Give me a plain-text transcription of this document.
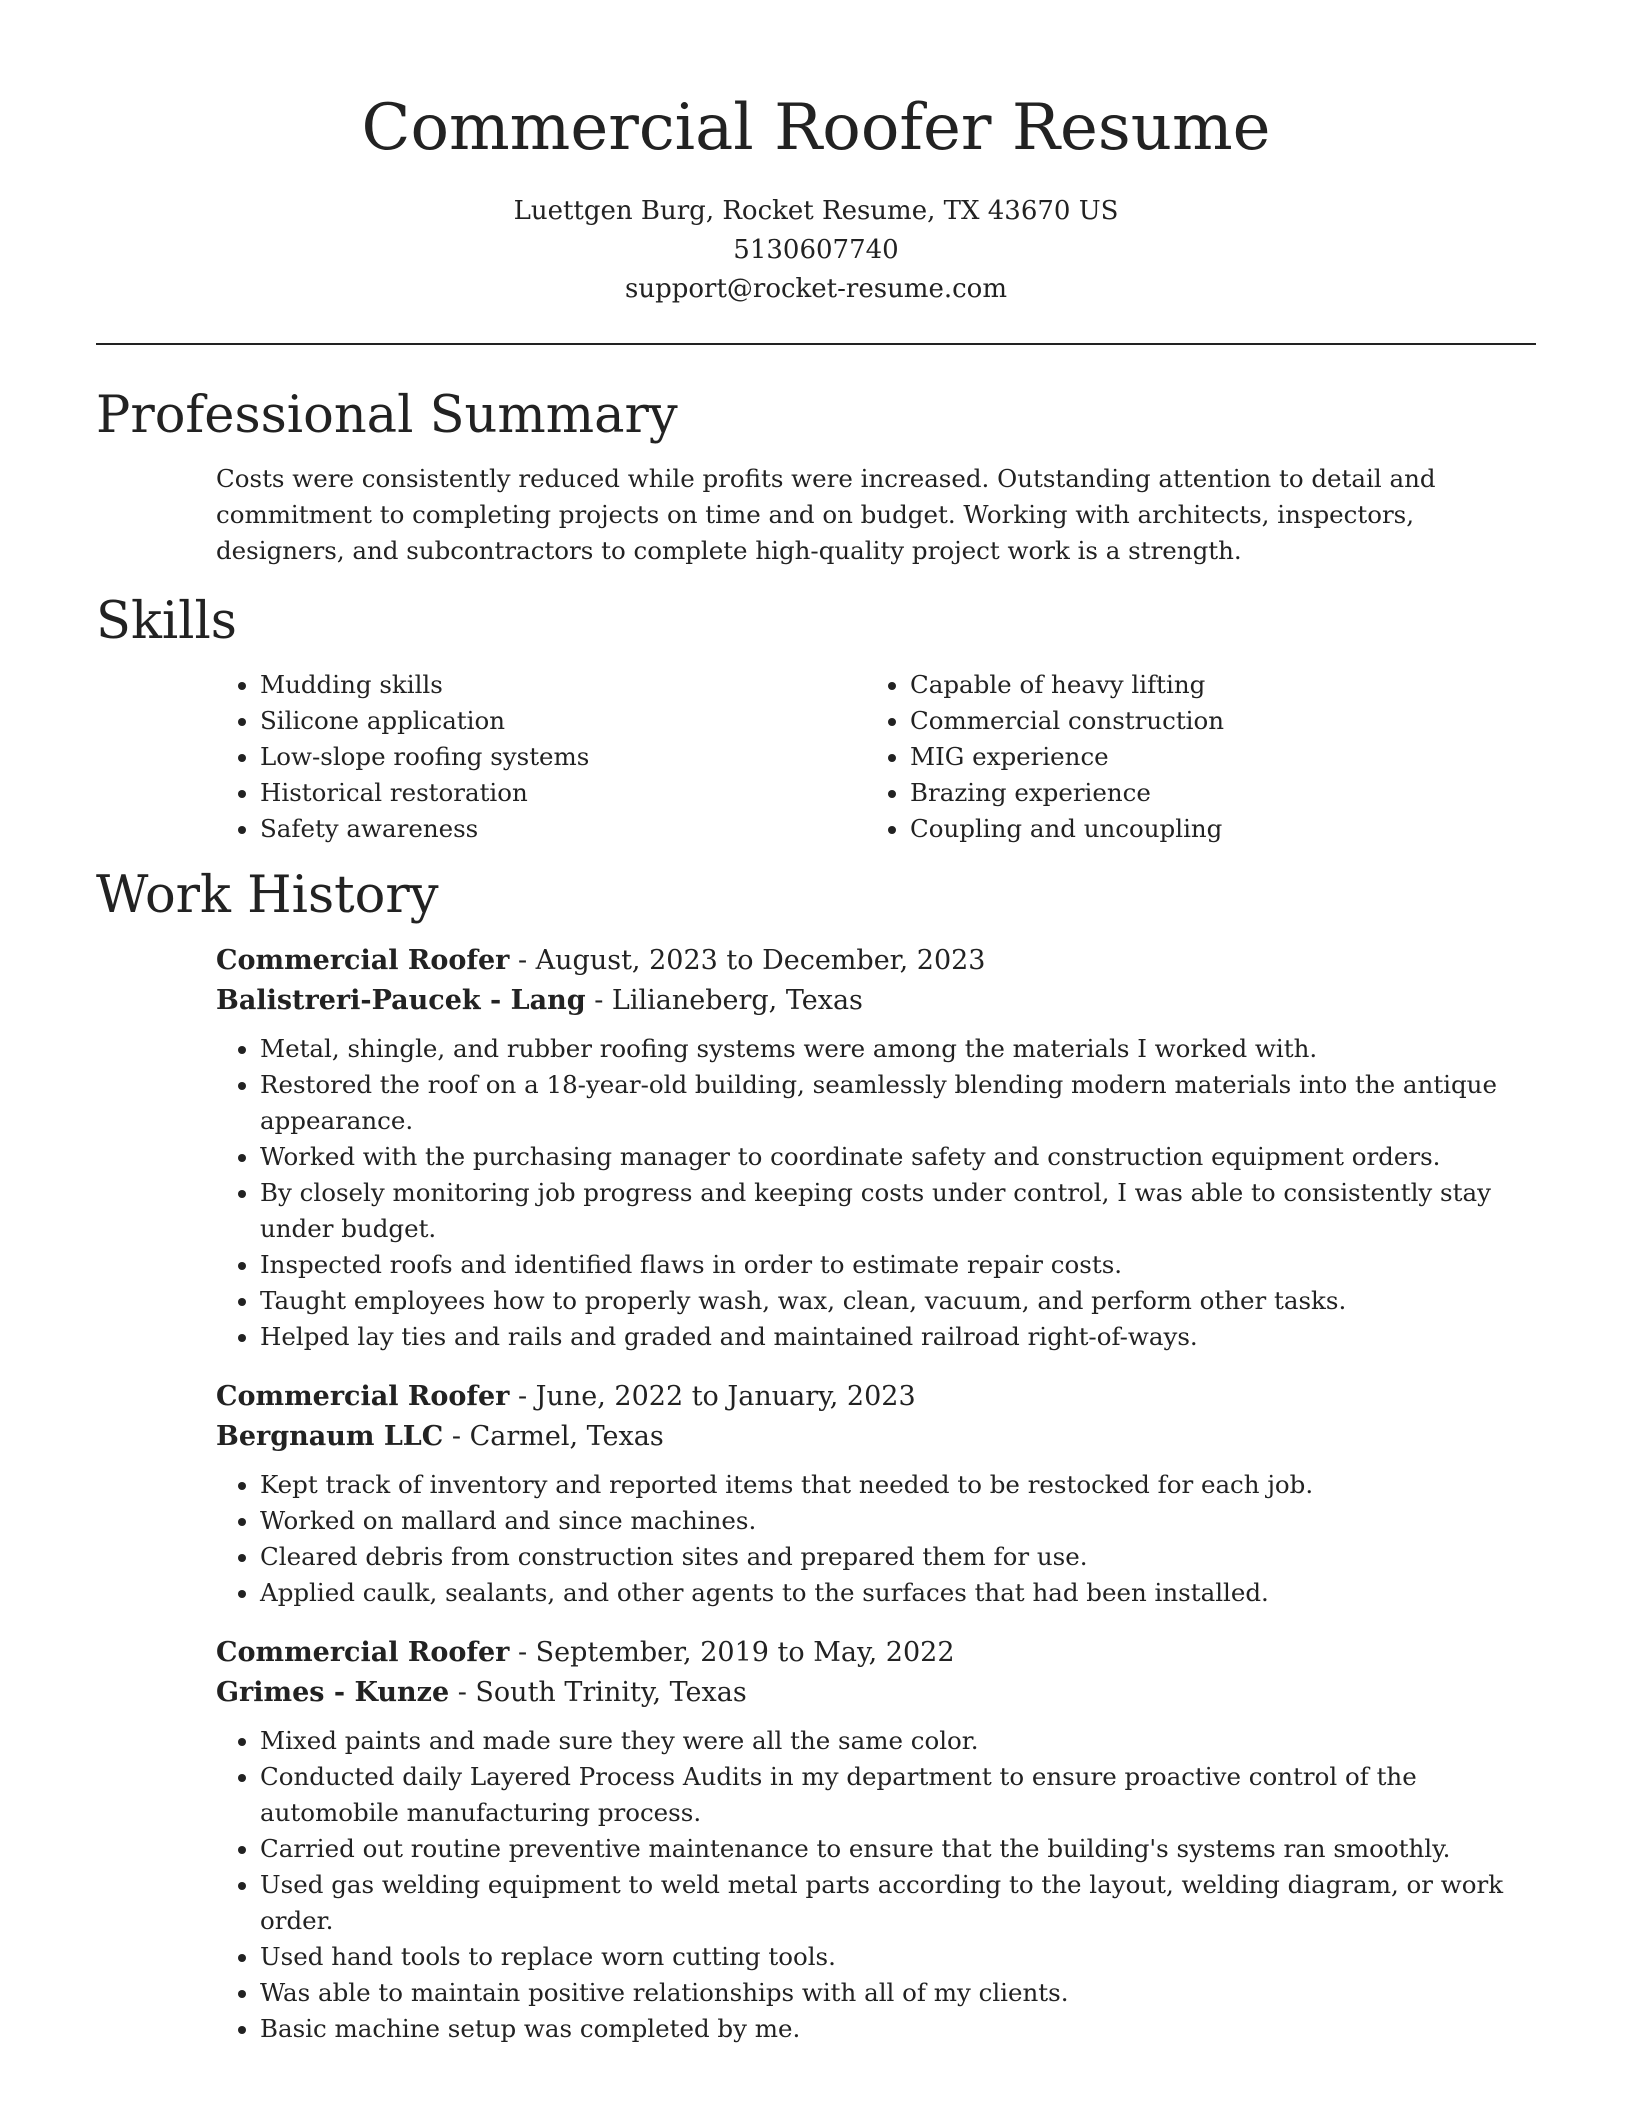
Commercial Roofer Resume

Luettgen Burg, Rocket Resume, TX 43670 US

5130607740

support@rocket-resume.com

Professional Summary

Costs were consistently reduced while profits were increased. Outstanding attention to detail and commitment to completing projects on time and on budget. Working with architects, inspectors, designers, and subcontractors to complete high-quality project work is a strength.

Skills
• Mudding skills
• Silicone application
• Low-slope roofing systems
• Historical restoration
• Safety awareness
• Capable of heavy lifting
• Commercial construction
• MIG experience
• Brazing experience
• Coupling and uncoupling
Work History

Commercial Roofer - August, 2023 to December, 2023

Balistreri-Paucek - Lang - Lilianeberg, Texas

• Metal, shingle, and rubber roofing systems were among the materials I worked with.
• Restored the roof on a 18-year-old building, seamlessly blending modern materials into the antique appearance.
• Worked with the purchasing manager to coordinate safety and construction equipment orders.
• By closely monitoring job progress and keeping costs under control, I was able to consistently stay under budget.
• Inspected roofs and identified flaws in order to estimate repair costs.
• Taught employees how to properly wash, wax, clean, vacuum, and perform other tasks.
• Helped lay ties and rails and graded and maintained railroad right-of-ways.

Commercial Roofer - June, 2022 to January, 2023

Bergnaum LLC - Carmel, Texas

• Kept track of inventory and reported items that needed to be restocked for each job.
• Worked on mallard and since machines.
• Cleared debris from construction sites and prepared them for use.
• Applied caulk, sealants, and other agents to the surfaces that had been installed.

Commercial Roofer - September, 2019 to May, 2022

Grimes - Kunze - South Trinity, Texas

• Mixed paints and made sure they were all the same color.
• Conducted daily Layered Process Audits in my department to ensure proactive control of the automobile manufacturing process.
• Carried out routine preventive maintenance to ensure that the building's systems ran smoothly.
• Used gas welding equipment to weld metal parts according to the layout, welding diagram, or work order.
• Used hand tools to replace worn cutting tools.
• Was able to maintain positive relationships with all of my clients.
• Basic machine setup was completed by me.
